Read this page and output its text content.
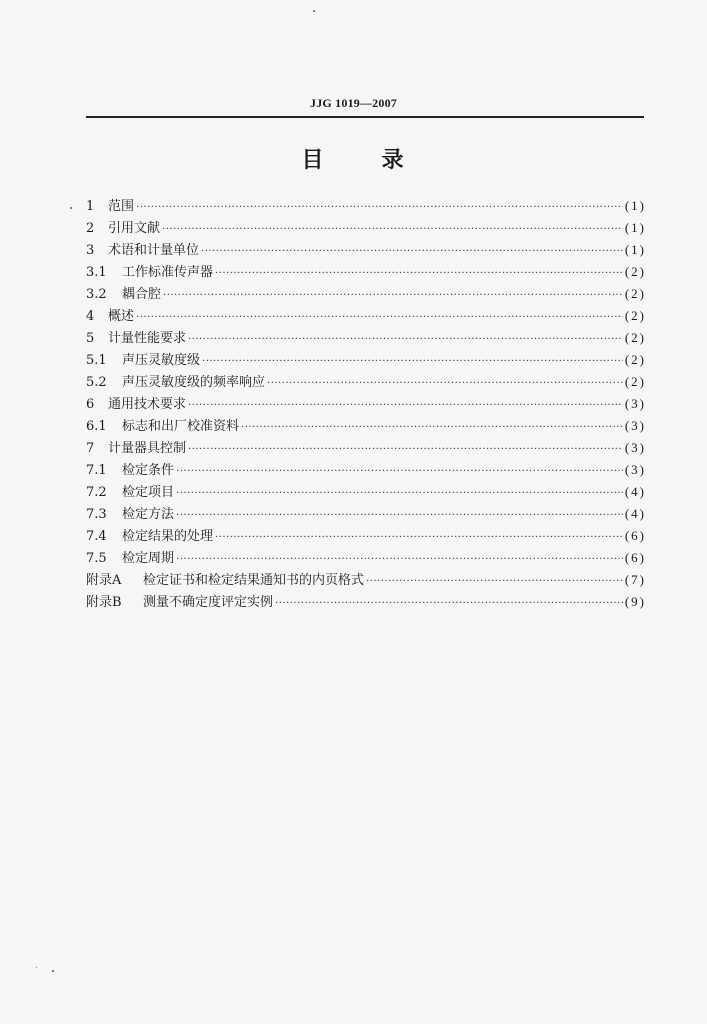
JJG 1019—2007
目	录
1	范围 ·····	(1)
2	引用文献 ·····	(1)
3	术语和计量单位 ·····	(1)
3.1	工作标准传声器 ·····	(2)
3.2	耦合腔 ·····	(2)
4	概述 ·····	(2)
5	计量性能要求 ·····	(2)
5.1	声压灵敏度级 ·····	(2)
5.2	声压灵敏度级的频率响应 ·····	(2)
6	通用技术要求 ·····	(3)
6.1	标志和出厂校准资料 ·····	(3)
7	计量器具控制 ·····	(3)
7.1	检定条件 ·····	(3)
7.2	检定项目 ·····	(4)
7.3	检定方法 ·····	(4)
7.4	检定结果的处理 ·····	(6)
7.5	检定周期 ·····	(6)
附录A	检定证书和检定结果通知书的内页格式 ·····	(7)
附录B	测量不确定度评定实例 ·····	(9)
